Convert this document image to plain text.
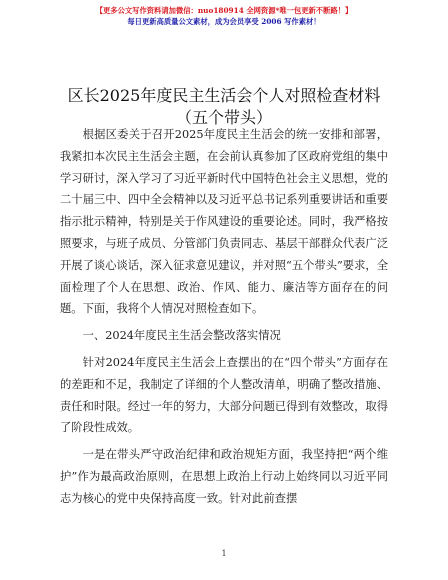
【更多公文写作资料请加微信：nuo180914 全网资源*唯一包更新不断路！】
每日更新高质量公文素材，成为会员享受 2006 写作素材！
区长2025年度民主生活会个人对照检查材料
（五个带头）

根据区委关于召开2025年度民主生活会的统一安排和部署，我紧扣本次民主生活会主题，在会前认真参加了区政府党组的集中学习研讨，深入学习了习近平新时代中国特色社会主义思想，党的二十届三中、四中全会精神以及习近平总书记系列重要讲话和重要指示批示精神，特别是关于作风建设的重要论述。同时，我严格按照要求，与班子成员、分管部门负责同志、基层干部群众代表广泛开展了谈心谈话，深入征求意见建议，并对照“五个带头”要求，全面检理了个人在思想、政治、作风、能力、廉洁等方面存在的问题。下面，我将个人情况对照检查如下。

一、2024年度民主生活会整改落实情况

针对2024年度民主生活会上查摆出的在“四个带头”方面存在的差距和不足，我制定了详细的个人整改清单，明确了整改措施、责任和时限。经过一年的努力，大部分问题已得到有效整改，取得了阶段性成效。

一是在带头严守政治纪律和政治规矩方面，我坚持把“两个维护”作为最高政治原则，在思想上政治上行动上始终同以习近平同志为核心的党中央保持高度一致。针对此前查摆

1
